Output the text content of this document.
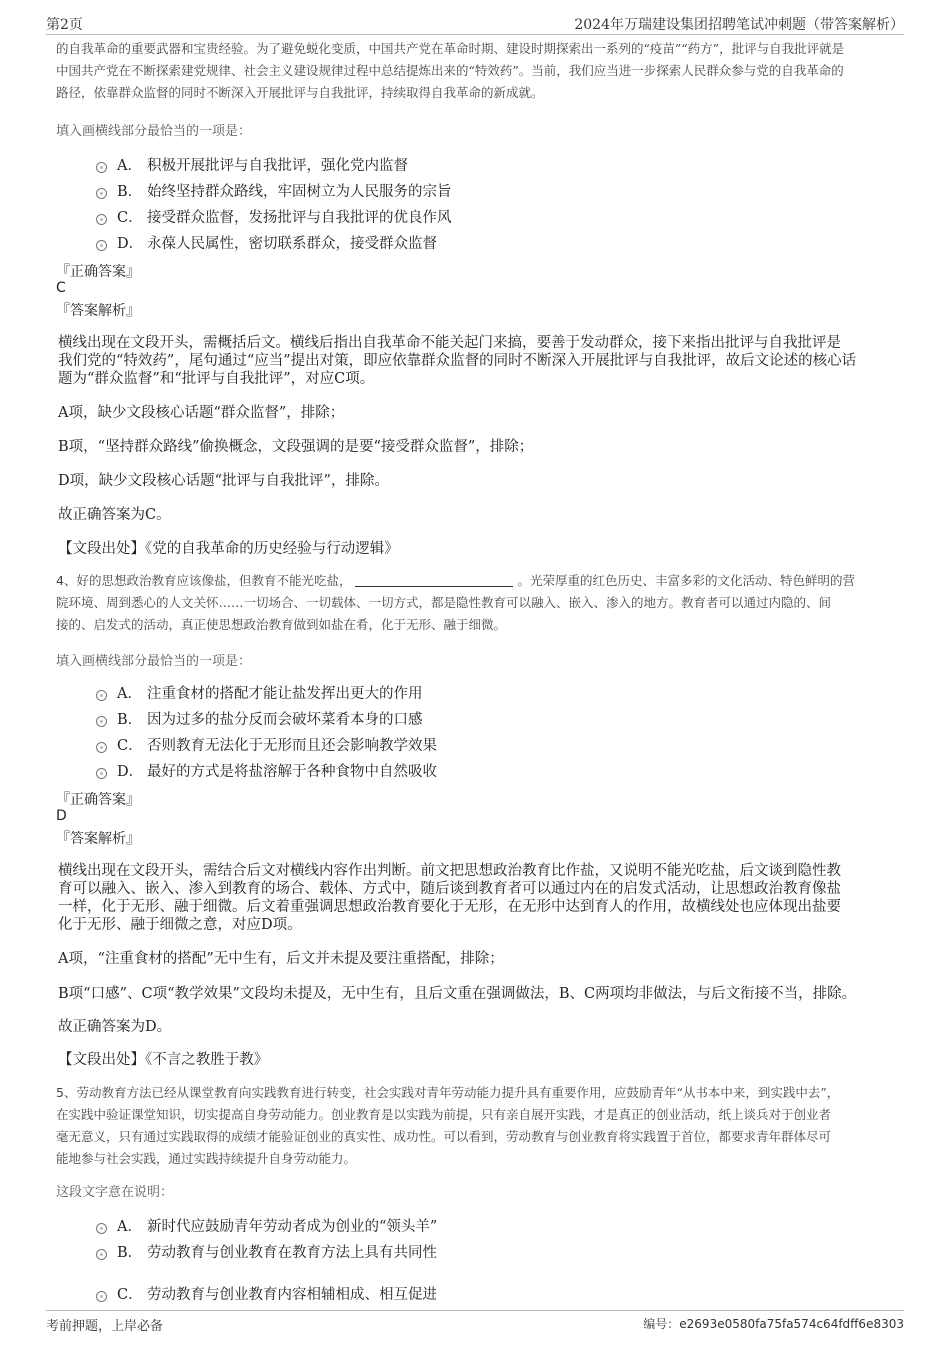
第2页	2024年万瑞建设集团招聘笔试冲刺题（带答案解析）
的自我革命的重要武器和宝贵经验。为了避免蜕化变质，中国共产党在革命时期、建设时期探索出一系列的“疫苗”“药方”，批评与自我批评就是
中国共产党在不断探索建党规律、社会主义建设规律过程中总结提炼出来的“特效药”。当前，我们应当进一步探索人民群众参与党的自我革命的
路径，依靠群众监督的同时不断深入开展批评与自我批评，持续取得自我革命的新成就。
填入画横线部分最恰当的一项是：
A． 积极开展批评与自我批评，强化党内监督
B． 始终坚持群众路线，牢固树立为人民服务的宗旨
C． 接受群众监督，发扬批评与自我批评的优良作风
D． 永葆人民属性，密切联系群众，接受群众监督
『正确答案』
C
『答案解析』
横线出现在文段开头，需概括后文。横线后指出自我革命不能关起门来搞，要善于发动群众，接下来指出批评与自我批评是
我们党的“特效药”，尾句通过“应当”提出对策，即应依靠群众监督的同时不断深入开展批评与自我批评，故后文论述的核心话
题为“群众监督”和“批评与自我批评”，对应C项。
A项，缺少文段核心话题“群众监督”，排除；
B项，“坚持群众路线”偷换概念，文段强调的是要“接受群众监督”，排除；
D项，缺少文段核心话题“批评与自我批评”，排除。
故正确答案为C。
【文段出处】《党的自我革命的历史经验与行动逻辑》
4、好的思想政治教育应该像盐，但教育不能光吃盐，	。光荣厚重的红色历史、丰富多彩的文化活动、特色鲜明的营
院环境、周到悉心的人文关怀……一切场合、一切载体、一切方式，都是隐性教育可以融入、嵌入、渗入的地方。教育者可以通过内隐的、间
接的、启发式的活动，真正使思想政治教育做到如盐在肴，化于无形、融于细微。
填入画横线部分最恰当的一项是：
A． 注重食材的搭配才能让盐发挥出更大的作用
B． 因为过多的盐分反而会破坏菜肴本身的口感
C． 否则教育无法化于无形而且还会影响教学效果
D． 最好的方式是将盐溶解于各种食物中自然吸收
『正确答案』
D
『答案解析』
横线出现在文段开头，需结合后文对横线内容作出判断。前文把思想政治教育比作盐，又说明不能光吃盐，后文谈到隐性教
育可以融入、嵌入、渗入到教育的场合、载体、方式中，随后谈到教育者可以通过内在的启发式活动，让思想政治教育像盐
一样，化于无形、融于细微。后文着重强调思想政治教育要化于无形，在无形中达到育人的作用，故横线处也应体现出盐要
化于无形、融于细微之意，对应D项。
A项，“注重食材的搭配”无中生有，后文并未提及要注重搭配，排除；
B项“口感”、C项“教学效果”文段均未提及，无中生有，且后文重在强调做法，B、C两项均非做法，与后文衔接不当，排除。
故正确答案为D。
【文段出处】《不言之教胜于教》
5、劳动教育方法已经从课堂教育向实践教育进行转变，社会实践对青年劳动能力提升具有重要作用，应鼓励青年“从书本中来，到实践中去”，
在实践中验证课堂知识，切实提高自身劳动能力。创业教育是以实践为前提，只有亲自展开实践，才是真正的创业活动，纸上谈兵对于创业者
毫无意义，只有通过实践取得的成绩才能验证创业的真实性、成功性。可以看到，劳动教育与创业教育将实践置于首位，都要求青年群体尽可
能地参与社会实践，通过实践持续提升自身劳动能力。
这段文字意在说明：
A． 新时代应鼓励青年劳动者成为创业的“领头羊”
B． 劳动教育与创业教育在教育方法上具有共同性
C． 劳动教育与创业教育内容相辅相成、相互促进
考前押题，上岸必备	编号：e2693e0580fa75fa574c64fdff6e8303
